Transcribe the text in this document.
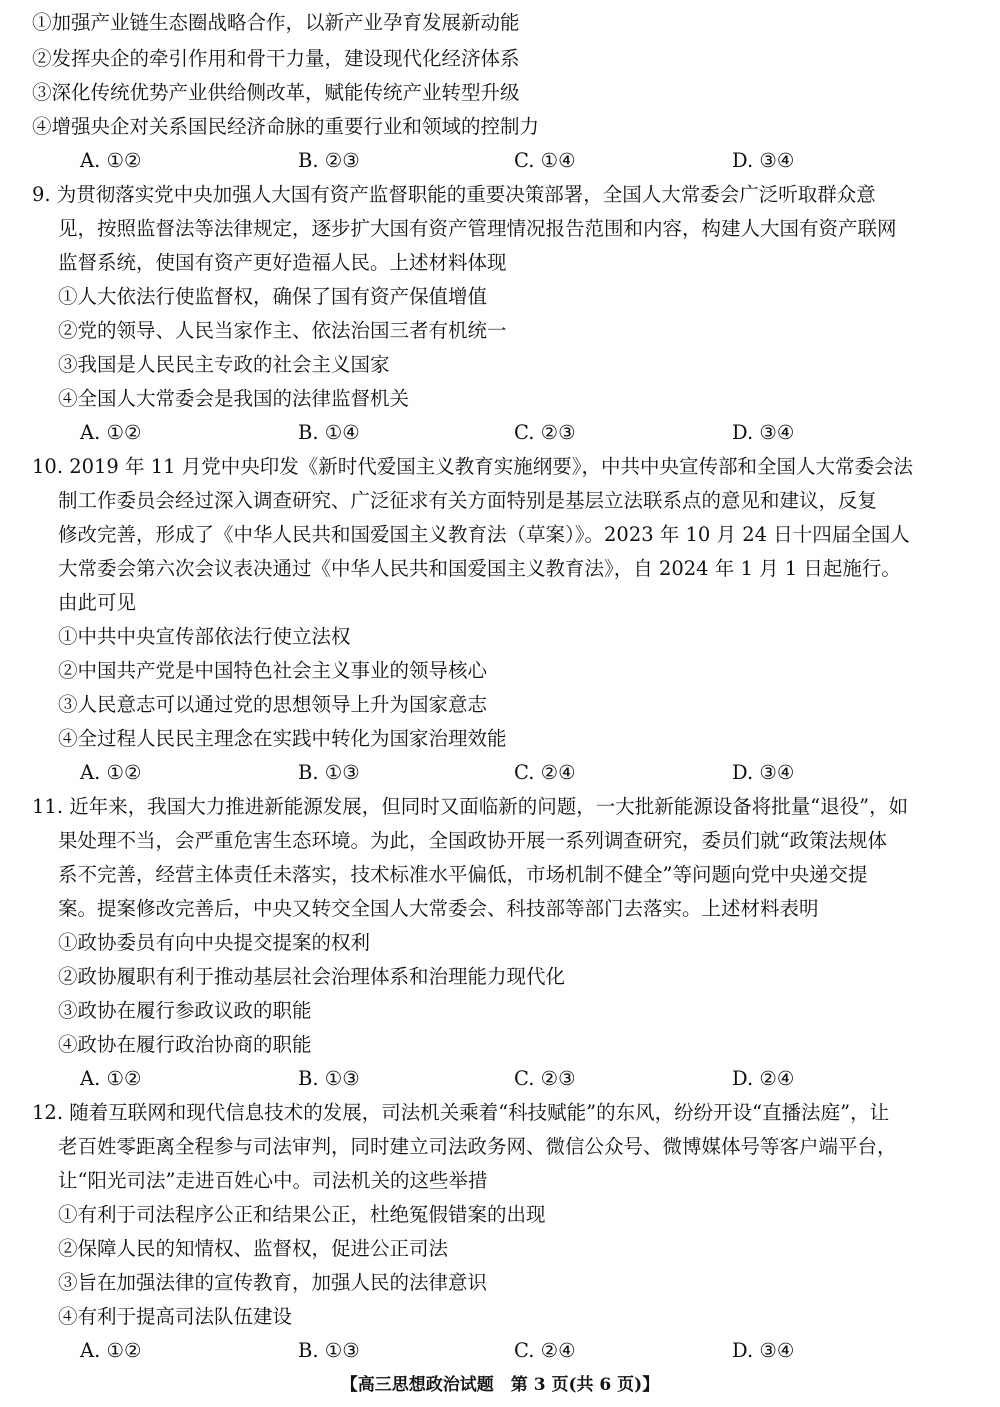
①加强产业链生态圈战略合作，以新产业孕育发展新动能
②发挥央企的牵引作用和骨干力量，建设现代化经济体系
③深化传统优势产业供给侧改革，赋能传统产业转型升级
④增强央企对关系国民经济命脉的重要行业和领域的控制力
A. ①②	B. ②③	C. ①④	D. ③④
9. 为贯彻落实党中央加强人大国有资产监督职能的重要决策部署，全国人大常委会广泛听取群众意
见，按照监督法等法律规定，逐步扩大国有资产管理情况报告范围和内容，构建人大国有资产联网
监督系统，使国有资产更好造福人民。上述材料体现
①人大依法行使监督权，确保了国有资产保值增值
②党的领导、人民当家作主、依法治国三者有机统一
③我国是人民民主专政的社会主义国家
④全国人大常委会是我国的法律监督机关
A. ①②	B. ①④	C. ②③	D. ③④
10. 2019 年 11 月党中央印发《新时代爱国主义教育实施纲要》，中共中央宣传部和全国人大常委会法
制工作委员会经过深入调查研究、广泛征求有关方面特别是基层立法联系点的意见和建议，反复
修改完善，形成了《中华人民共和国爱国主义教育法（草案）》。2023 年 10 月 24 日十四届全国人
大常委会第六次会议表决通过《中华人民共和国爱国主义教育法》，自 2024 年 1 月 1 日起施行。
由此可见
①中共中央宣传部依法行使立法权
②中国共产党是中国特色社会主义事业的领导核心
③人民意志可以通过党的思想领导上升为国家意志
④全过程人民民主理念在实践中转化为国家治理效能
A. ①②	B. ①③	C. ②④	D. ③④
11. 近年来，我国大力推进新能源发展，但同时又面临新的问题，一大批新能源设备将批量“退役”，如
果处理不当，会严重危害生态环境。为此，全国政协开展一系列调查研究，委员们就“政策法规体
系不完善，经营主体责任未落实，技术标准水平偏低，市场机制不健全”等问题向党中央递交提
案。提案修改完善后，中央又转交全国人大常委会、科技部等部门去落实。上述材料表明
①政协委员有向中央提交提案的权利
②政协履职有利于推动基层社会治理体系和治理能力现代化
③政协在履行参政议政的职能
④政协在履行政治协商的职能
A. ①②	B. ①③	C. ②③	D. ②④
12. 随着互联网和现代信息技术的发展，司法机关乘着“科技赋能”的东风，纷纷开设“直播法庭”，让
老百姓零距离全程参与司法审判，同时建立司法政务网、微信公众号、微博媒体号等客户端平台，
让“阳光司法”走进百姓心中。司法机关的这些举措
①有利于司法程序公正和结果公正，杜绝冤假错案的出现
②保障人民的知情权、监督权，促进公正司法
③旨在加强法律的宣传教育，加强人民的法律意识
④有利于提高司法队伍建设
A. ①②	B. ①③	C. ②④	D. ③④
【高三思想政治试题　第 3 页(共 6 页)】
